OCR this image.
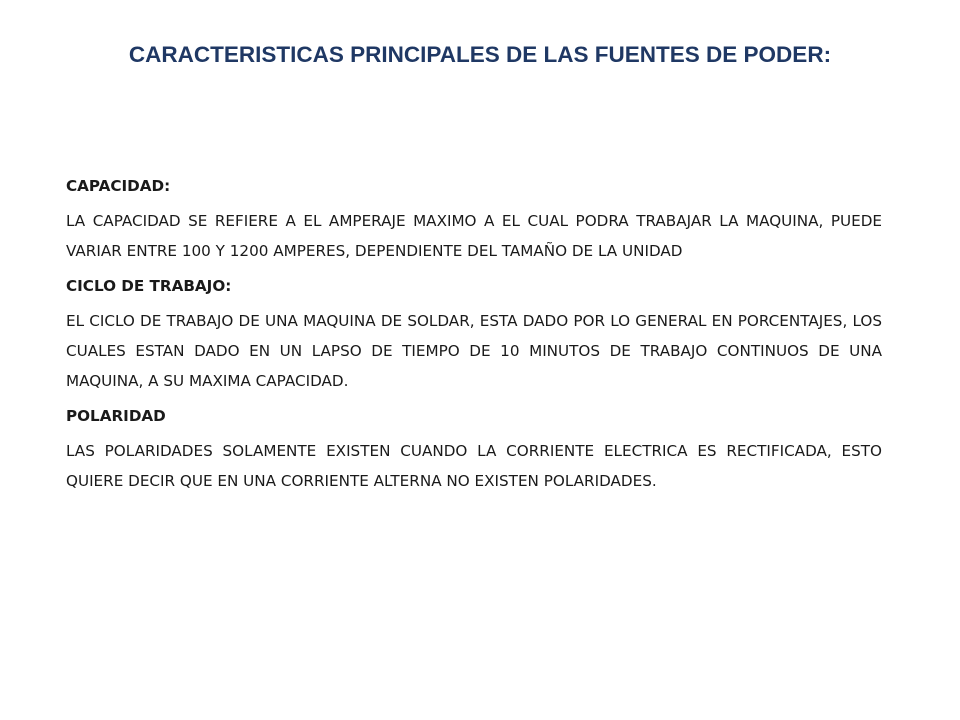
CARACTERISTICAS PRINCIPALES DE LAS FUENTES DE PODER:

CAPACIDAD:

LA CAPACIDAD SE REFIERE A EL AMPERAJE MAXIMO A EL CUAL PODRA TRABAJAR LA MAQUINA, PUEDE VARIAR ENTRE 100 Y 1200 AMPERES, DEPENDIENTE DEL TAMAÑO DE LA UNIDAD

CICLO DE TRABAJO:

EL CICLO DE TRABAJO DE UNA MAQUINA DE SOLDAR, ESTA DADO POR LO GENERAL EN PORCENTAJES, LOS CUALES ESTAN DADO EN UN LAPSO DE TIEMPO DE 10 MINUTOS DE TRABAJO CONTINUOS DE UNA MAQUINA, A SU MAXIMA CAPACIDAD.

POLARIDAD

LAS POLARIDADES SOLAMENTE EXISTEN CUANDO LA CORRIENTE ELECTRICA ES RECTIFICADA, ESTO QUIERE DECIR QUE EN UNA CORRIENTE ALTERNA NO EXISTEN POLARIDADES.
